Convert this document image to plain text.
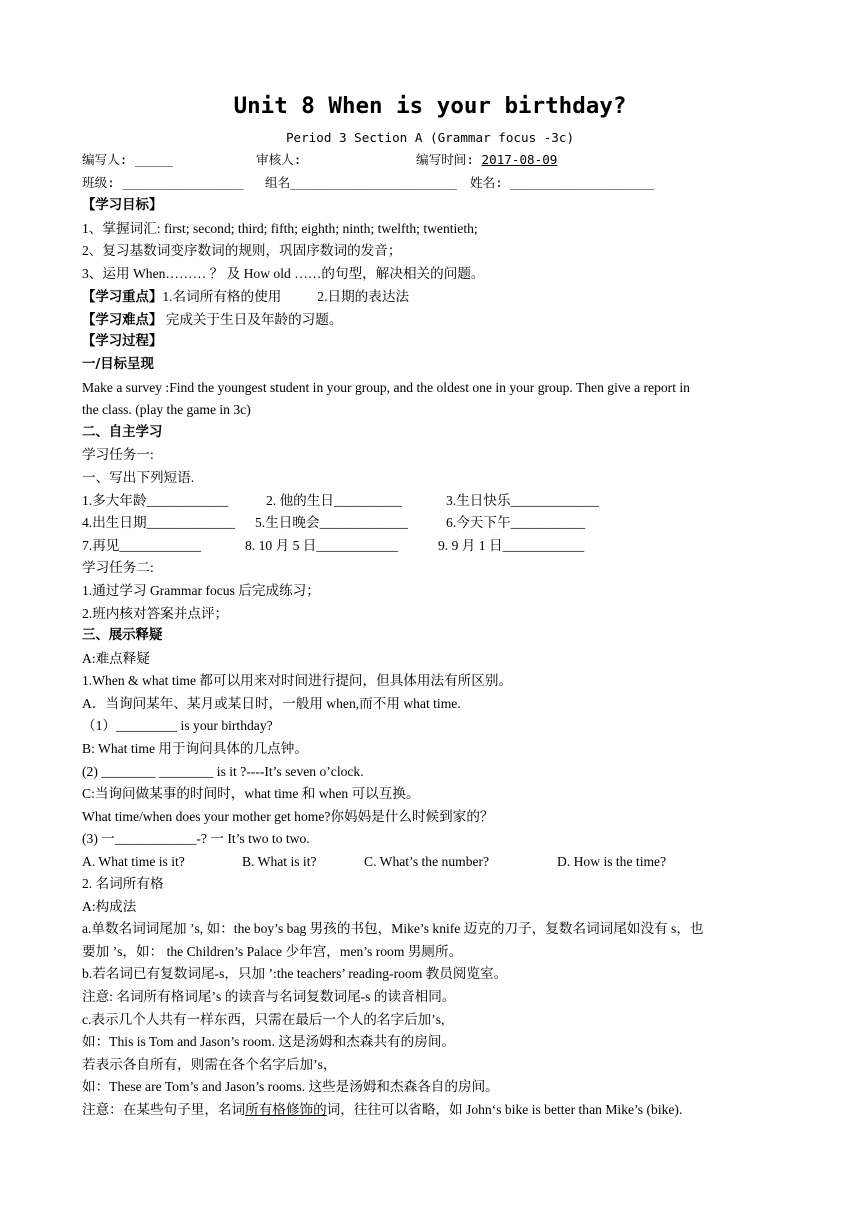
Unit 8 When is your birthday?
Period 3 Section A (Grammar focus -3c)
编写人: _____	审核人:	编写时间: 2017-08-09
班级: ________________ 组名______________________ 姓名: ___________________
【学习目标】
1、掌握词汇: first; second; third; fifth; eighth; ninth; twelfth; twentieth;
2、复习基数词变序数词的规则，巩固序数词的发音；
3、运用 When……… ？ 及 How old ……的句型，解决相关的问题。
【学习重点】1.名词所有格的使用	2.日期的表达法
【学习难点】 完成关于生日及年龄的习题。
【学习过程】
一/目标呈现
Make a survey :Find the youngest student in your group, and the oldest one in your group. Then give a report in
the class. (play the game in 3c)
二、自主学习
学习任务一:
一、写出下列短语.
1.多大年龄____________	2. 他的生日__________	3.生日快乐_____________
4.出生日期_____________ 5.生日晚会_____________	6.今天下午___________
7.再见____________	8. 10 月 5 日____________	9. 9 月 1 日____________
学习任务二:
1.通过学习 Grammar focus 后完成练习；
2.班内核对答案并点评；
三、展示释疑
A:难点释疑
1.When & what time 都可以用来对时间进行提问，但具体用法有所区别。
A．当询问某年、某月或某日时，一般用 when,而不用 what time.
（1）_________ is your birthday?
B: What time 用于询问具体的几点钟。
(2) ________ ________ is it ?----It’s seven o’clock.
C:当询问做某事的时间时，what time 和 when 可以互换。
What time/when does your mother get home?你妈妈是什么时候到家的？
(3) 一____________-? 一 It’s two to two.
A. What time is it?	B. What is it?	C. What’s the number?	D. How is the time?
2. 名词所有格
A:构成法
a.单数名词词尾加 ’s, 如：the boy’s bag 男孩的书包，Mike’s knife 迈克的刀子，复数名词词尾如没有 s，也
要加 ’s，如： the Children’s Palace 少年宫，men’s room 男厕所。
b.若名词已有复数词尾-s，只加 ’:the teachers’ reading-room 教员阅览室。
注意: 名词所有格词尾’s 的读音与名词复数词尾-s 的读音相同。
c.表示几个人共有一样东西，只需在最后一个人的名字后加’s,
如：This is Tom and Jason’s room. 这是汤姆和杰森共有的房间。
若表示各自所有，则需在各个名字后加’s，
如：These are Tom’s and Jason’s rooms. 这些是汤姆和杰森各自的房间。
注意：在某些句子里，名词所有格修饰的词，往往可以省略，如 John‘s bike is better than Mike’s (bike).
